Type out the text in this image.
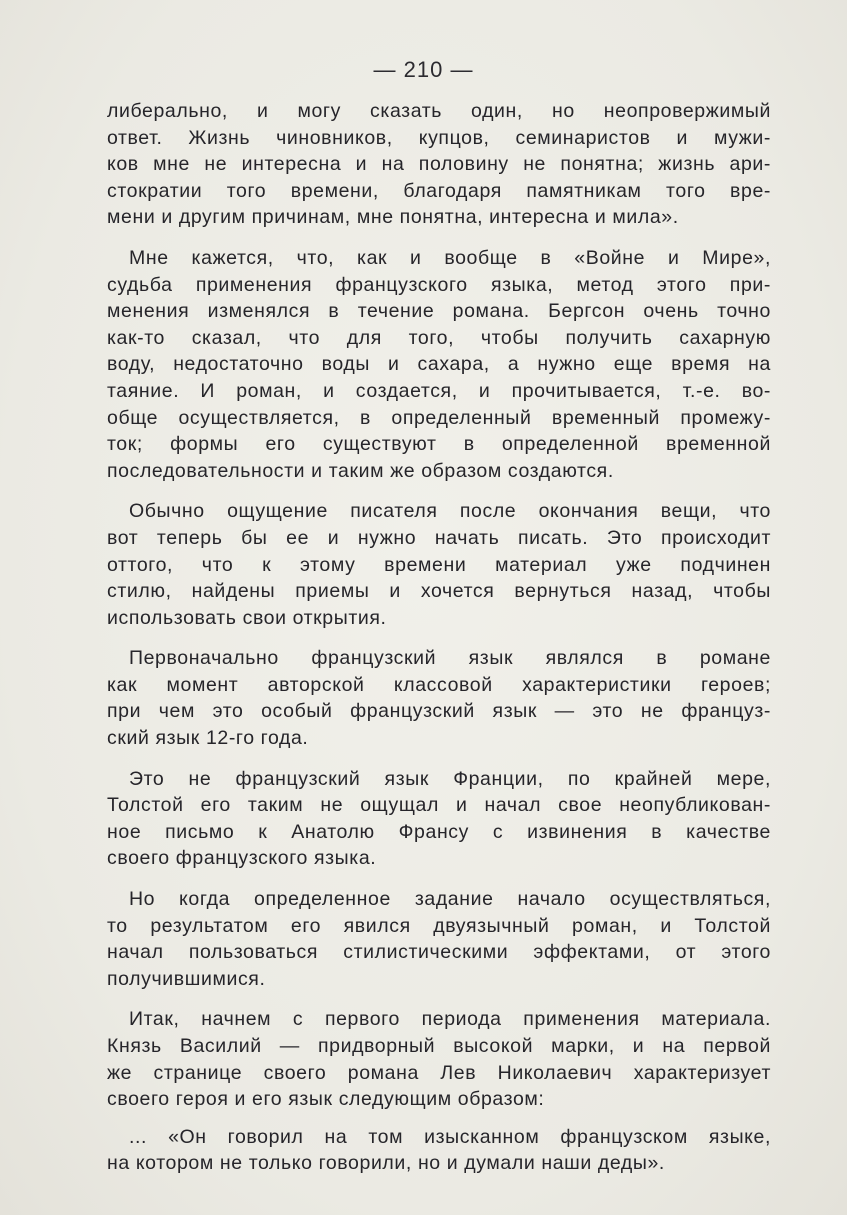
— 210 —

либерально, и могу сказать один, но неопровержимый
ответ. Жизнь чиновников, купцов, семинаристов и мужи-
ков мне не интересна и на половину не понятна; жизнь ари-
стократии того времени, благодаря памятникам того вре-
мени и другим причинам, мне понятна, интересна и мила».

Мне кажется, что, как и вообще в «Войне и Мире»,
судьба применения французского языка, метод этого при-
менения изменялся в течение романа. Бергсон очень точно
как-то сказал, что для того, чтобы получить сахарную
воду, недостаточно воды и сахара, а нужно еще время на
таяние. И роман, и создается, и прочитывается, т.-е. во-
обще осуществляется, в определенный временный промежу-
ток; формы его существуют в определенной временной
последовательности и таким же образом создаются.

Обычно ощущение писателя после окончания вещи, что
вот теперь бы ее и нужно начать писать. Это происходит
оттого, что к этому времени материал уже подчинен
стилю, найдены приемы и хочется вернуться назад, чтобы
использовать свои открытия.

Первоначально французский язык являлся в романе
как момент авторской классовой характеристики героев;
при чем это особый французский язык — это не француз-
ский язык 12-го года.

Это не французский язык Франции, по крайней мере,
Толстой его таким не ощущал и начал свое неопубликован-
ное письмо к Анатолю Франсу с извинения в качестве
своего французского языка.

Но когда определенное задание начало осуществляться,
то результатом его явился двуязычный роман, и Толстой
начал пользоваться стилистическими эффектами, от этого
получившимися.

Итак, начнем с первого периода применения материала.
Князь Василий — придворный высокой марки, и на первой
же странице своего романа Лев Николаевич характеризует
своего героя и его язык следующим образом:

... «Он говорил на том изысканном французском языке,
на котором не только говорили, но и думали наши деды».
